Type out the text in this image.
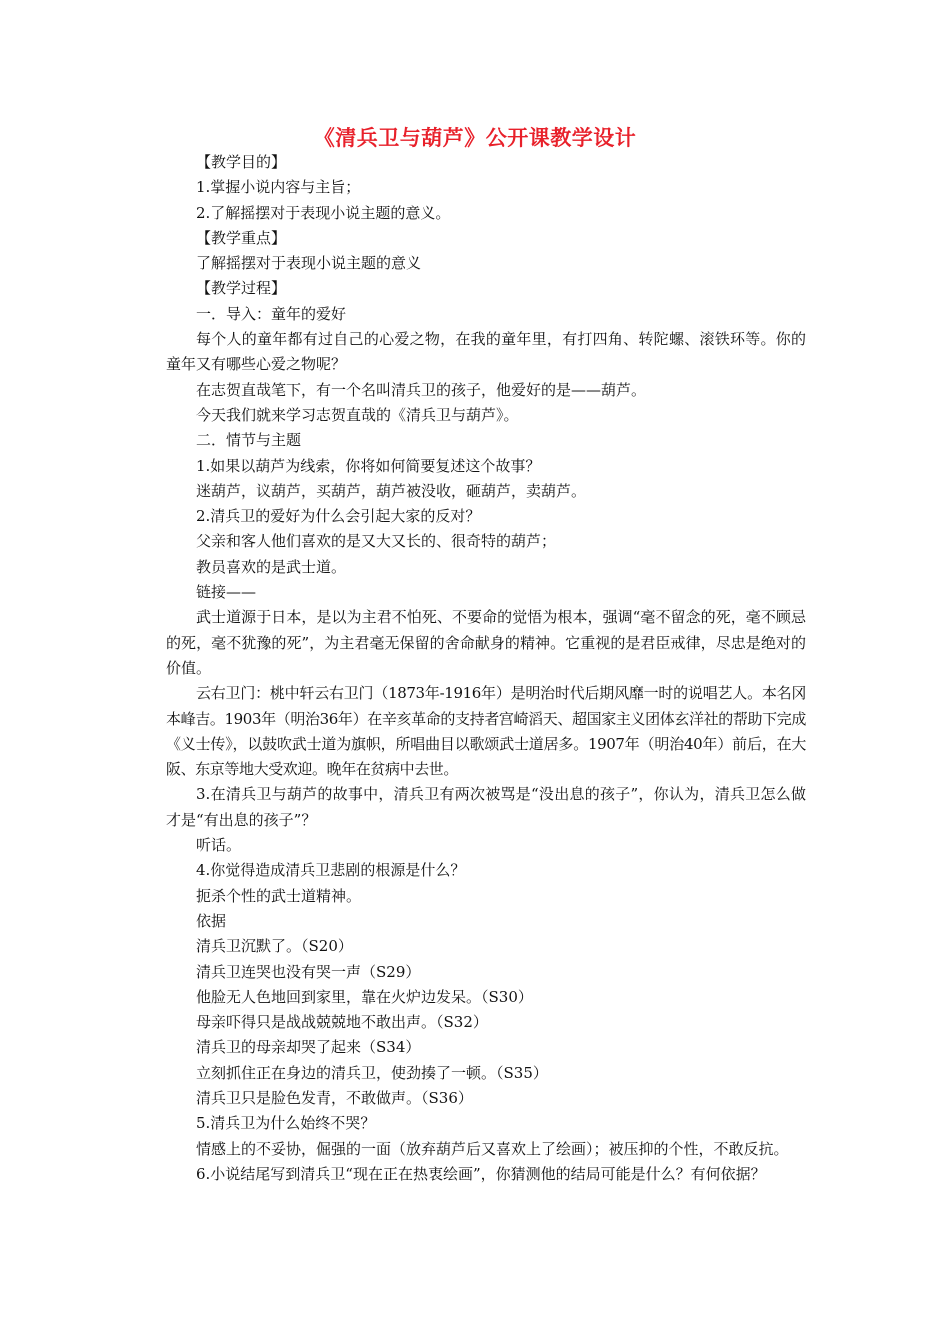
《清兵卫与葫芦》公开课教学设计

【教学目的】

1.掌握小说内容与主旨；

2.了解摇摆对于表现小说主题的意义。

【教学重点】

了解摇摆对于表现小说主题的意义

【教学过程】

一．导入：童年的爱好

每个人的童年都有过自己的心爱之物，在我的童年里，有打四角、转陀螺、滚铁环等。你的童年又有哪些心爱之物呢？

在志贺直哉笔下，有一个名叫清兵卫的孩子，他爱好的是——葫芦。

今天我们就来学习志贺直哉的《清兵卫与葫芦》。

二．情节与主题

1.如果以葫芦为线索，你将如何简要复述这个故事？

迷葫芦，议葫芦，买葫芦，葫芦被没收，砸葫芦，卖葫芦。

2.清兵卫的爱好为什么会引起大家的反对？

父亲和客人他们喜欢的是又大又长的、很奇特的葫芦；

教员喜欢的是武士道。

链接——

武士道源于日本，是以为主君不怕死、不要命的觉悟为根本，强调“毫不留念的死，毫不顾忌的死，毫不犹豫的死”，为主君毫无保留的舍命献身的精神。它重视的是君臣戒律，尽忠是绝对的价值。

云右卫门：桃中轩云右卫门（1873年-1916年）是明治时代后期风靡一时的说唱艺人。本名冈本峰吉。1903年（明治36年）在辛亥革命的支持者宫崎滔天、超国家主义团体玄洋社的帮助下完成《义士传》，以鼓吹武士道为旗帜，所唱曲目以歌颂武士道居多。1907年（明治40年）前后，在大阪、东京等地大受欢迎。晚年在贫病中去世。

3.在清兵卫与葫芦的故事中，清兵卫有两次被骂是“没出息的孩子”，你认为，清兵卫怎么做才是“有出息的孩子”？

听话。

4.你觉得造成清兵卫悲剧的根源是什么？

扼杀个性的武士道精神。

依据

清兵卫沉默了。（S20）

清兵卫连哭也没有哭一声（S29）

他脸无人色地回到家里，靠在火炉边发呆。（S30）

母亲吓得只是战战兢兢地不敢出声。（S32）

清兵卫的母亲却哭了起来（S34）

立刻抓住正在身边的清兵卫，使劲揍了一顿。（S35）

清兵卫只是脸色发青，不敢做声。（S36）

5.清兵卫为什么始终不哭？

情感上的不妥协，倔强的一面（放弃葫芦后又喜欢上了绘画）；被压抑的个性，不敢反抗。

6.小说结尾写到清兵卫“现在正在热衷绘画”，你猜测他的结局可能是什么？有何依据？
